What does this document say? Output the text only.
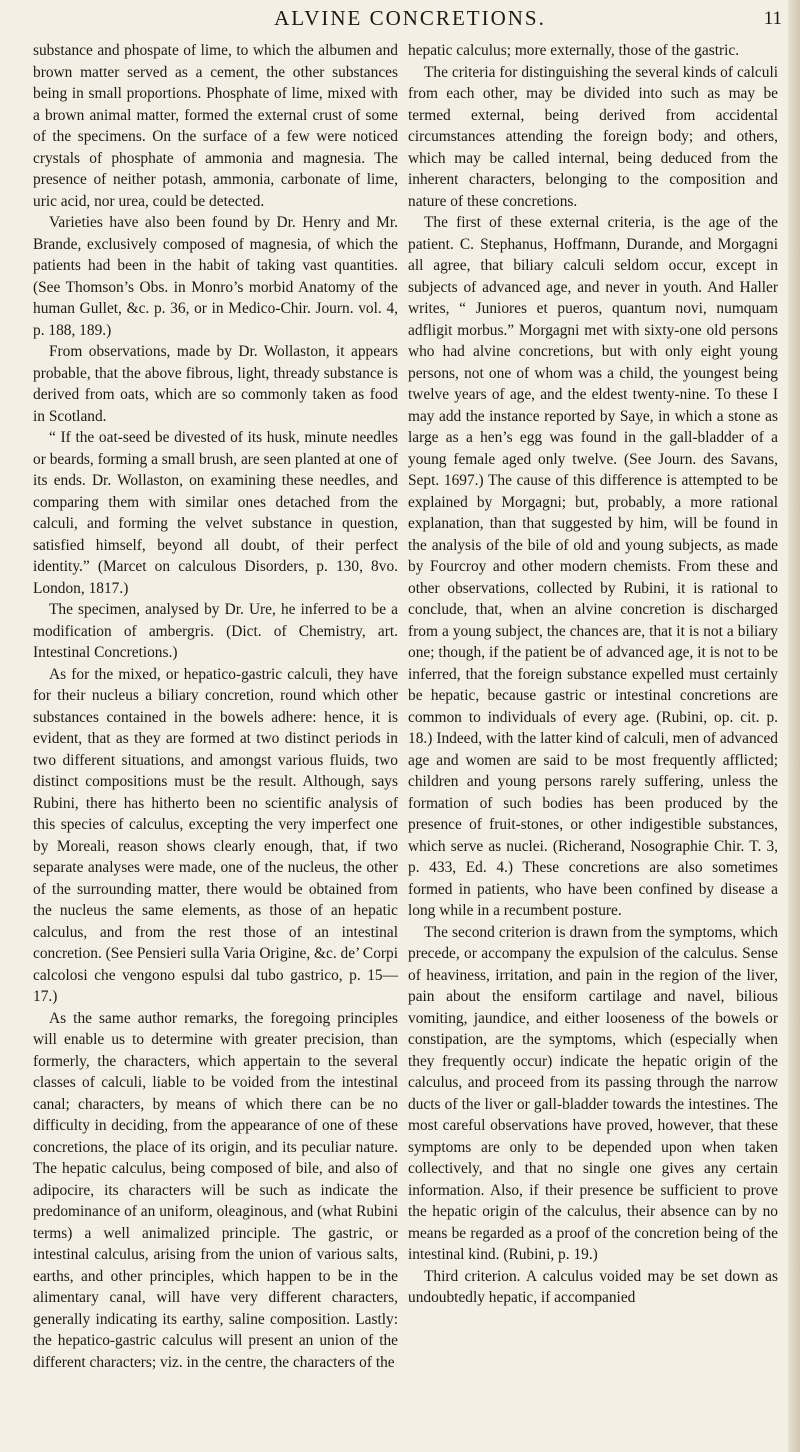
ALVINE CONCRETIONS.	11

substance and phospate of lime, to which the albumen and brown matter served as a cement, the other substances being in small proportions. Phosphate of lime, mixed with a brown animal matter, formed the external crust of some of the specimens. On the surface of a few were noticed crystals of phosphate of ammonia and magnesia. The presence of neither potash, ammonia, carbonate of lime, uric acid, nor urea, could be detected.

Varieties have also been found by Dr. Henry and Mr. Brande, exclusively composed of magnesia, of which the patients had been in the habit of taking vast quantities. (See Thomson’s Obs. in Monro’s morbid Anatomy of the human Gullet, &c. p. 36, or in Medico-Chir. Journ. vol. 4, p. 188, 189.)

From observations, made by Dr. Wollaston, it appears probable, that the above fibrous, light, thready substance is derived from oats, which are so commonly taken as food in Scotland.

“ If the oat-seed be divested of its husk, minute needles or beards, forming a small brush, are seen planted at one of its ends. Dr. Wollaston, on examining these needles, and comparing them with similar ones detached from the calculi, and forming the velvet substance in question, satisfied himself, beyond all doubt, of their perfect identity.” (Marcet on calculous Disorders, p. 130, 8vo. London, 1817.)

The specimen, analysed by Dr. Ure, he inferred to be a modification of ambergris. (Dict. of Chemistry, art. Intestinal Concretions.)

As for the mixed, or hepatico-gastric calculi, they have for their nucleus a biliary concretion, round which other substances contained in the bowels adhere: hence, it is evident, that as they are formed at two distinct periods in two different situations, and amongst various fluids, two distinct compositions must be the result. Although, says Rubini, there has hitherto been no scientific analysis of this species of calculus, excepting the very imperfect one by Moreali, reason shows clearly enough, that, if two separate analyses were made, one of the nucleus, the other of the surrounding matter, there would be obtained from the nucleus the same elements, as those of an hepatic calculus, and from the rest those of an intestinal concretion. (See Pensieri sulla Varia Origine, &c. de’ Corpi calcolosi che vengono espulsi dal tubo gastrico, p. 15—17.)

As the same author remarks, the foregoing principles will enable us to determine with greater precision, than formerly, the characters, which appertain to the several classes of calculi, liable to be voided from the intestinal canal; characters, by means of which there can be no difficulty in deciding, from the appearance of one of these concretions, the place of its origin, and its peculiar nature. The hepatic calculus, being composed of bile, and also of adipocire, its characters will be such as indicate the predominance of an uniform, oleaginous, and (what Rubini terms) a well animalized principle. The gastric, or intestinal calculus, arising from the union of various salts, earths, and other principles, which happen to be in the alimentary canal, will have very different characters, generally indicating its earthy, saline composition. Lastly: the hepatico-gastric calculus will present an union of the different characters; viz. in the centre, the characters of the

hepatic calculus; more externally, those of the gastric.

The criteria for distinguishing the several kinds of calculi from each other, may be divided into such as may be termed external, being derived from accidental circumstances attending the foreign body; and others, which may be called internal, being deduced from the inherent characters, belonging to the composition and nature of these concretions.

The first of these external criteria, is the age of the patient. C. Stephanus, Hoffmann, Durande, and Morgagni all agree, that biliary calculi seldom occur, except in subjects of advanced age, and never in youth. And Haller writes, “ Juniores et pueros, quantum novi, numquam adfligit morbus.” Morgagni met with sixty-one old persons who had alvine concretions, but with only eight young persons, not one of whom was a child, the youngest being twelve years of age, and the eldest twenty-nine. To these I may add the instance reported by Saye, in which a stone as large as a hen’s egg was found in the gall-bladder of a young female aged only twelve. (See Journ. des Savans, Sept. 1697.) The cause of this difference is attempted to be explained by Morgagni; but, probably, a more rational explanation, than that suggested by him, will be found in the analysis of the bile of old and young subjects, as made by Fourcroy and other modern chemists. From these and other observations, collected by Rubini, it is rational to conclude, that, when an alvine concretion is discharged from a young subject, the chances are, that it is not a biliary one; though, if the patient be of advanced age, it is not to be inferred, that the foreign substance expelled must certainly be hepatic, because gastric or intestinal concretions are common to individuals of every age. (Rubini, op. cit. p. 18.) Indeed, with the latter kind of calculi, men of advanced age and women are said to be most frequently afflicted; children and young persons rarely suffering, unless the formation of such bodies has been produced by the presence of fruit-stones, or other indigestible substances, which serve as nuclei. (Richerand, Nosographie Chir. T. 3, p. 433, Ed. 4.) These concretions are also sometimes formed in patients, who have been confined by disease a long while in a recumbent posture.

The second criterion is drawn from the symptoms, which precede, or accompany the expulsion of the calculus. Sense of heaviness, irritation, and pain in the region of the liver, pain about the ensiform cartilage and navel, bilious vomiting, jaundice, and either looseness of the bowels or constipation, are the symptoms, which (especially when they frequently occur) indicate the hepatic origin of the calculus, and proceed from its passing through the narrow ducts of the liver or gall-bladder towards the intestines. The most careful observations have proved, however, that these symptoms are only to be depended upon when taken collectively, and that no single one gives any certain information. Also, if their presence be sufficient to prove the hepatic origin of the calculus, their absence can by no means be regarded as a proof of the concretion being of the intestinal kind. (Rubini, p. 19.)

Third criterion. A calculus voided may be set down as undoubtedly hepatic, if accompanied
